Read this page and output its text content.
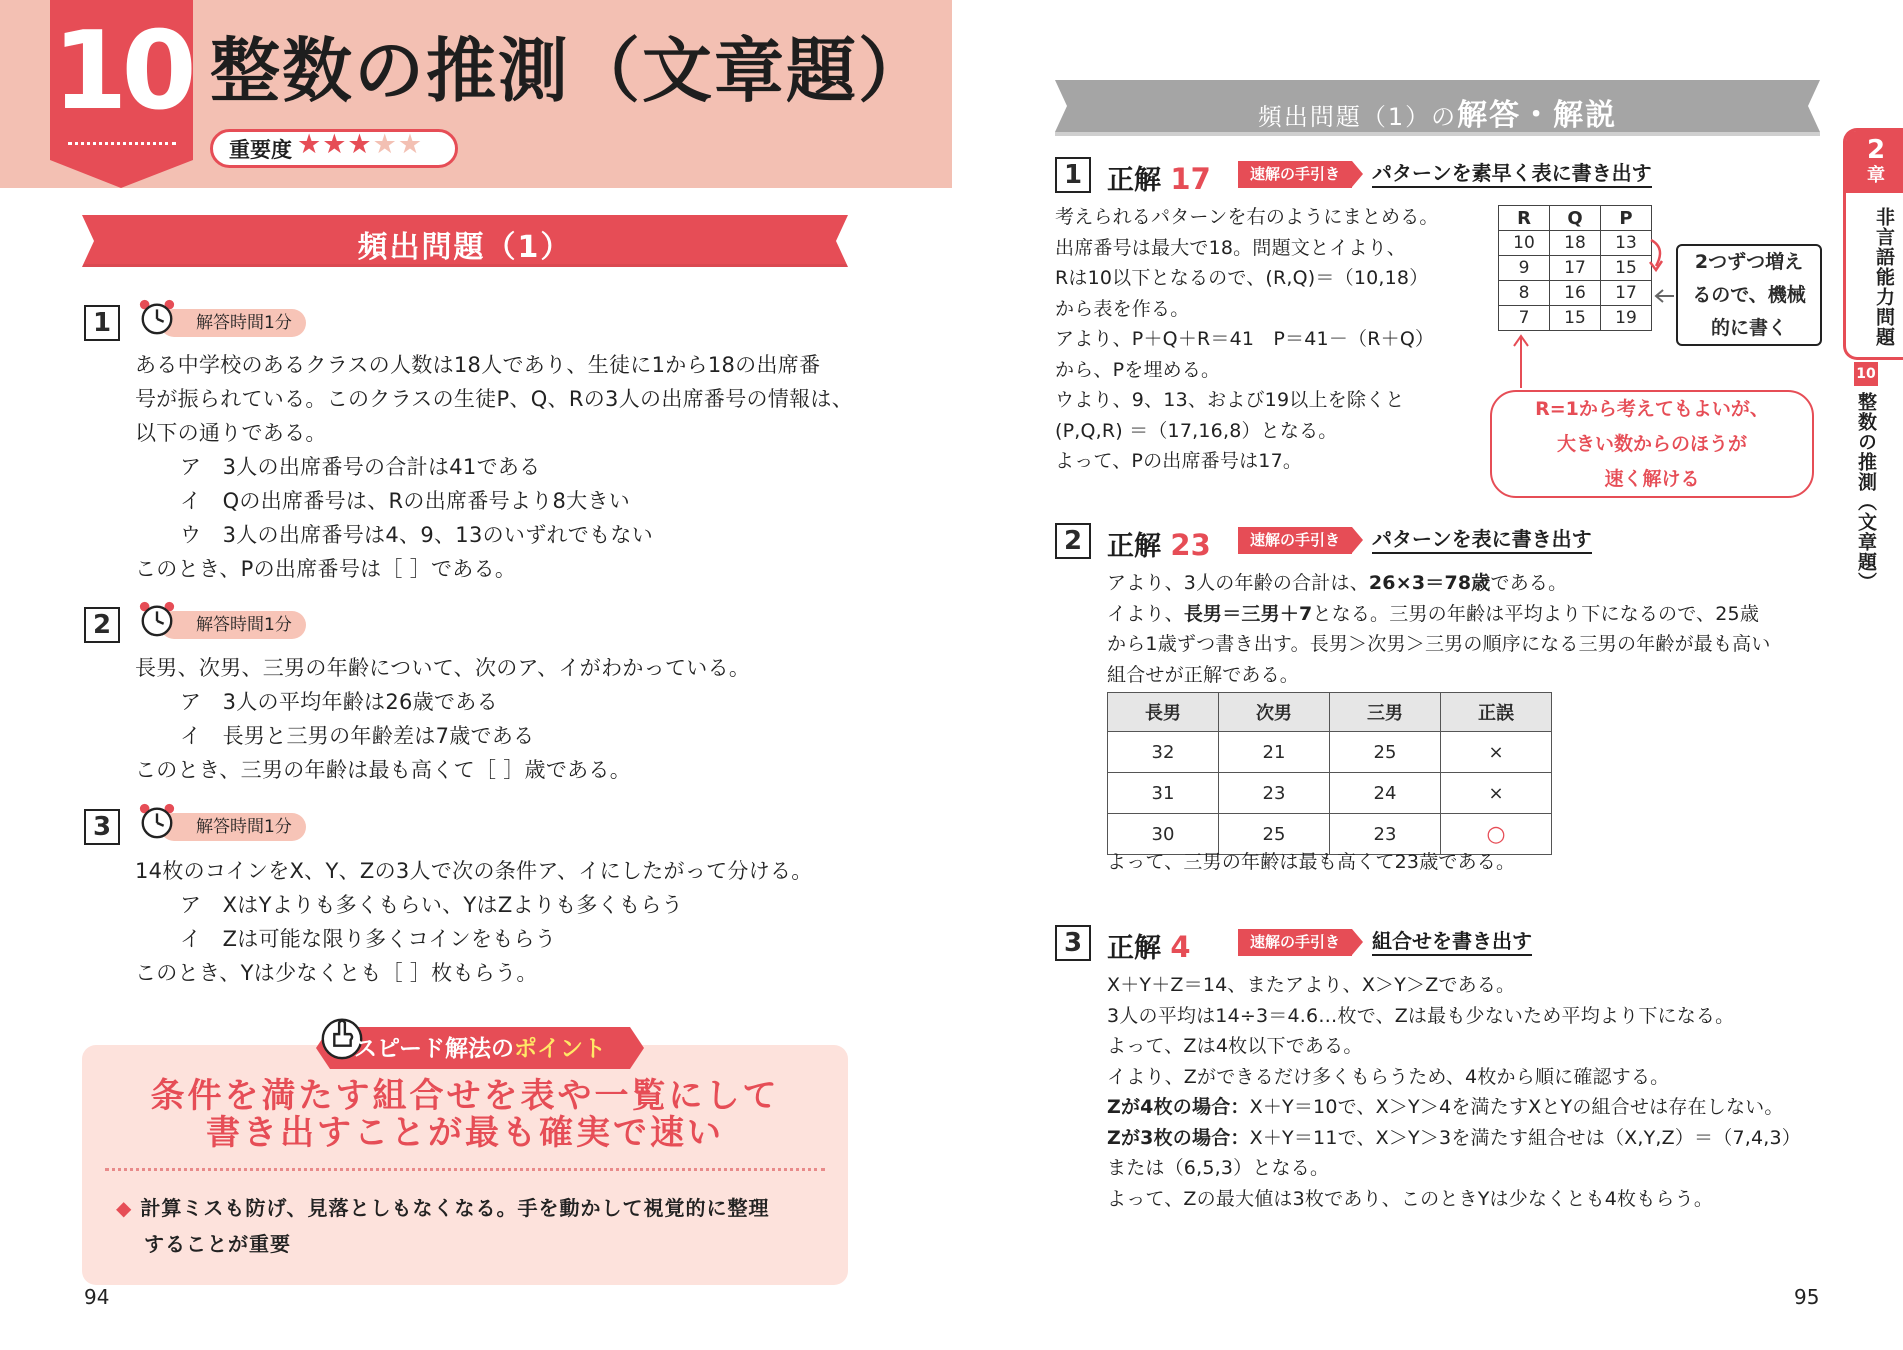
10 整数の推測（文章題）
重要度 ★★★★★
頻出問題（1）
1	解答時間1分

ある中学校のあるクラスの人数は18人であり、生徒に1から18の出席番

号が振られている。このクラスの生徒P、Q、Rの3人の出席番号の情報は、

以下の通りである。

ア　3人の出席番号の合計は41である
イ　Qの出席番号は、Rの出席番号より8大きい
ウ　3人の出席番号は4、9、13のいずれでもない

このとき、Pの出席番号は［ ］である。

2	解答時間1分

長男、次男、三男の年齢について、次のア、イがわかっている。

ア　3人の平均年齢は26歳である
イ　長男と三男の年齢差は7歳である

このとき、三男の年齢は最も高くて［ ］歳である。

3	解答時間1分

14枚のコインをX、Y、Zの3人で次の条件ア、イにしたがって分ける。

ア　XはYよりも多くもらい、YはZよりも多くもらう
イ　Zは可能な限り多くコインをもらう

このとき、Yは少なくとも［ ］枚もらう。

スピード解法のポイント
条件を満たす組合せを表や一覧にして
書き出すことが最も確実で速い
◆ 計算ミスも防げ、見落としもなくなる。手を動かして視覚的に整理
することが重要
94
頻出問題（1）の解答・解説
1 正解 17	速解の手引き	パターンを素早く表に書き出す

考えられるパターンを右のようにまとめる。

出席番号は最大で18。問題文とイより、

Rは10以下となるので、(R,Q)＝（10,18）

から表を作る。

アより、P＋Q＋R＝41　P＝41－（R＋Q）

から、Pを埋める。

ウより、9、13、および19以上を除くと

(P,Q,R) ＝（17,16,8）となる。

よって、Pの出席番号は17。

R	Q	P
10	18	13
9	17	15
8	16	17
7	15	19
2つずつ増え
るので、機械
的に書く
R=1から考えてもよいが、
大きい数からのほうが
速く解ける
2 正解 23	速解の手引き	パターンを表に書き出す

アより、3人の年齢の合計は、26×3＝78歳である。

イより、長男＝三男＋7となる。三男の年齢は平均より下になるので、25歳

から1歳ずつ書き出す。長男＞次男＞三男の順序になる三男の年齢が最も高い

組合せが正解である。

長男	次男	三男	正誤
32	21	25	×
31	23	24	×
30	25	23	○
よって、三男の年齢は最も高くて23歳である。
3 正解 4	速解の手引き	組合せを書き出す

X＋Y＋Z＝14、またアより、X＞Y＞Zである。

3人の平均は14÷3＝4.6…枚で、Zは最も少ないため平均より下になる。

よって、Zは4枚以下である。

イより、Zができるだけ多くもらうため、4枚から順に確認する。

Zが4枚の場合：X＋Y＝10で、X＞Y＞4を満たすXとYの組合せは存在しない。

Zが3枚の場合：X＋Y＝11で、X＞Y＞3を満たす組合せは（X,Y,Z）＝（7,4,3）

または（6,5,3）となる。

よって、Zの最大値は3枚であり、このときYは少なくとも4枚もらう。

2
章
非言語能力問題
10
整数の推測（文章題）
95
